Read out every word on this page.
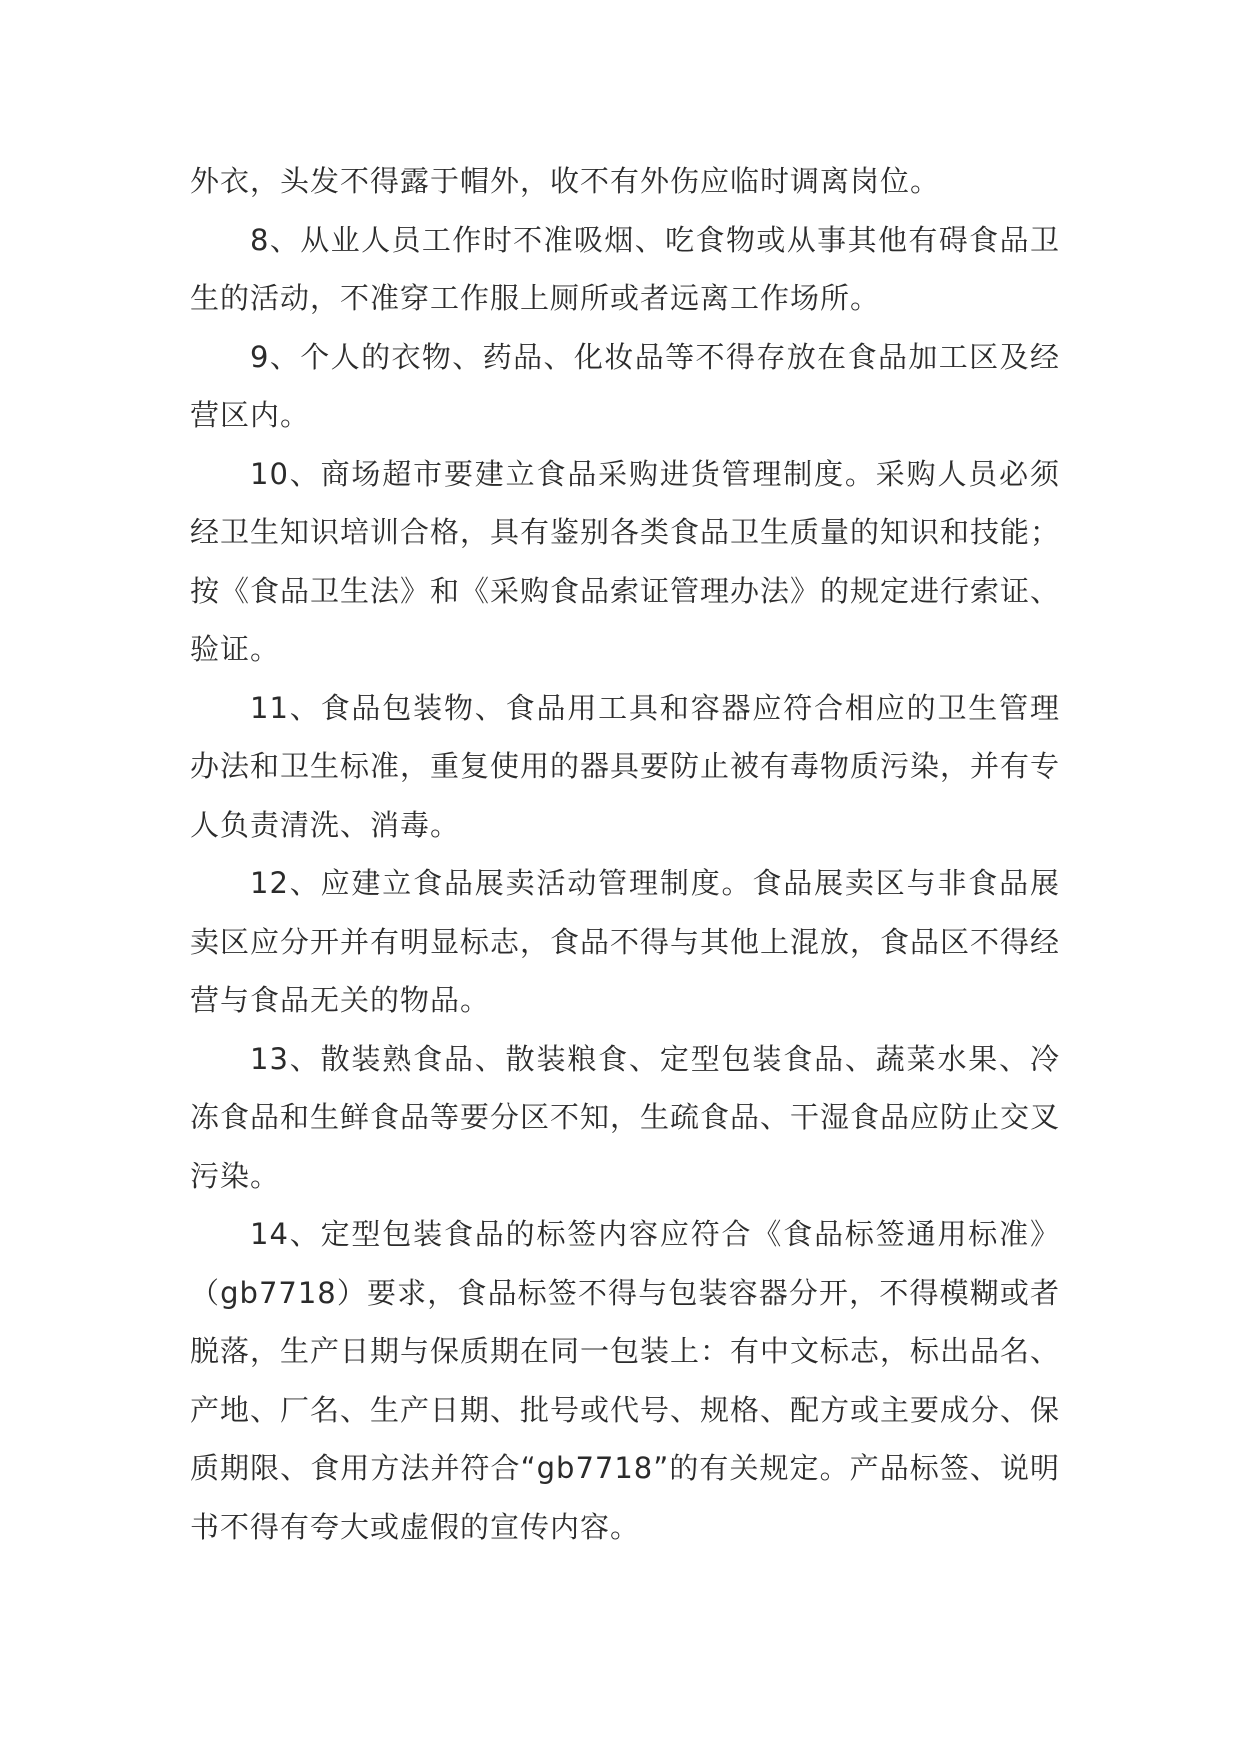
外衣，头发不得露于帽外，收不有外伤应临时调离岗位。

8、从业人员工作时不准吸烟、吃食物或从事其他有碍食品卫生的活动，不准穿工作服上厕所或者远离工作场所。

9、个人的衣物、药品、化妆品等不得存放在食品加工区及经营区内。

10、商场超市要建立食品采购进货管理制度。采购人员必须经卫生知识培训合格，具有鉴别各类食品卫生质量的知识和技能；按《食品卫生法》和《采购食品索证管理办法》的规定进行索证、验证。

11、食品包装物、食品用工具和容器应符合相应的卫生管理办法和卫生标准，重复使用的器具要防止被有毒物质污染，并有专人负责清洗、消毒。

12、应建立食品展卖活动管理制度。食品展卖区与非食品展卖区应分开并有明显标志，食品不得与其他上混放，食品区不得经营与食品无关的物品。

13、散装熟食品、散装粮食、定型包装食品、蔬菜水果、冷冻食品和生鲜食品等要分区不知，生疏食品、干湿食品应防止交叉污染。

14、定型包装食品的标签内容应符合《食品标签通用标准》（gb7718）要求，食品标签不得与包装容器分开，不得模糊或者脱落，生产日期与保质期在同一包装上：有中文标志，标出品名、产地、厂名、生产日期、批号或代号、规格、配方或主要成分、保质期限、食用方法并符合“gb7718”的有关规定。产品标签、说明书不得有夸大或虚假的宣传内容。
